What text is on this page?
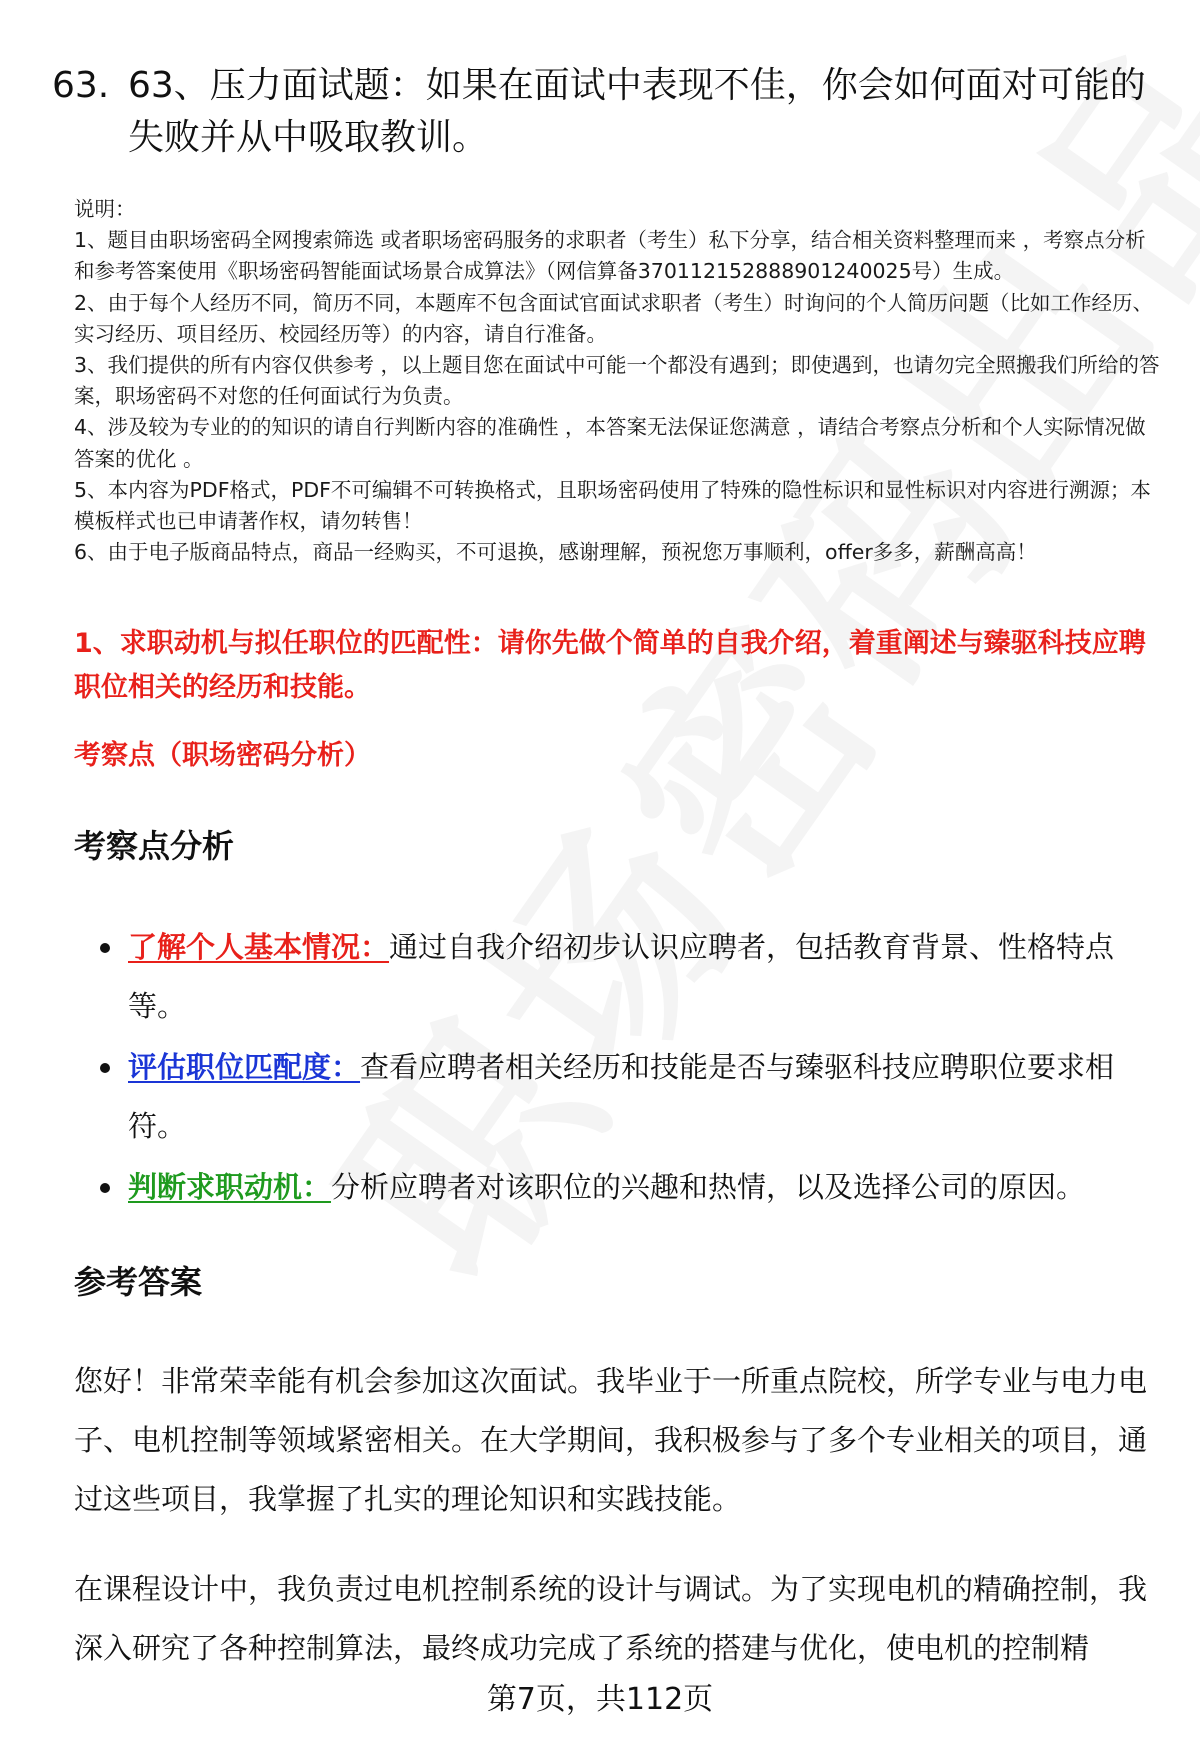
63. 63、压力面试题：如果在面试中表现不佳，你会如何面对可能的失败并从中吸取教训。

说明：

1、题目由职场密码全网搜索筛选 或者职场密码服务的求职者（考生）私下分享，结合相关资料整理而来 ，考察点分析和参考答案使用《职场密码智能面试场景合成算法》（网信算备370112152888901240025号）生成。

2、由于每个人经历不同，简历不同，本题库不包含面试官面试求职者（考生）时询问的个人简历问题（比如工作经历、实习经历、项目经历、校园经历等）的内容，请自行准备。

3、我们提供的所有内容仅供参考 ，以上题目您在面试中可能一个都没有遇到；即使遇到，也请勿完全照搬我们所给的答案，职场密码不对您的任何面试行为负责。

4、涉及较为专业的的知识的请自行判断内容的准确性 ，本答案无法保证您满意 ，请结合考察点分析和个人实际情况做答案的优化 。

5、本内容为PDF格式，PDF不可编辑不可转换格式，且职场密码使用了特殊的隐性标识和显性标识对内容进行溯源；本模板样式也已申请著作权，请勿转售！

6、由于电子版商品特点，商品一经购买，不可退换，感谢理解，预祝您万事顺利，offer多多，薪酬高高！

1、求职动机与拟任职位的匹配性：请你先做个简单的自我介绍，着重阐述与臻驱科技应聘职位相关的经历和技能。
考察点（职场密码分析）
考察点分析
了解个人基本情况：通过自我介绍初步认识应聘者，包括教育背景、性格特点等。
评估职位匹配度：查看应聘者相关经历和技能是否与臻驱科技应聘职位要求相符。
判断求职动机：分析应聘者对该职位的兴趣和热情，以及选择公司的原因。
参考答案

您好！非常荣幸能有机会参加这次面试。我毕业于一所重点院校，所学专业与电力电子、电机控制等领域紧密相关。在大学期间，我积极参与了多个专业相关的项目，通过这些项目，我掌握了扎实的理论知识和实践技能。

在课程设计中，我负责过电机控制系统的设计与调试。为了实现电机的精确控制，我深入研究了各种控制算法，最终成功完成了系统的搭建与优化，使电机的控制精

第7页，共112页
